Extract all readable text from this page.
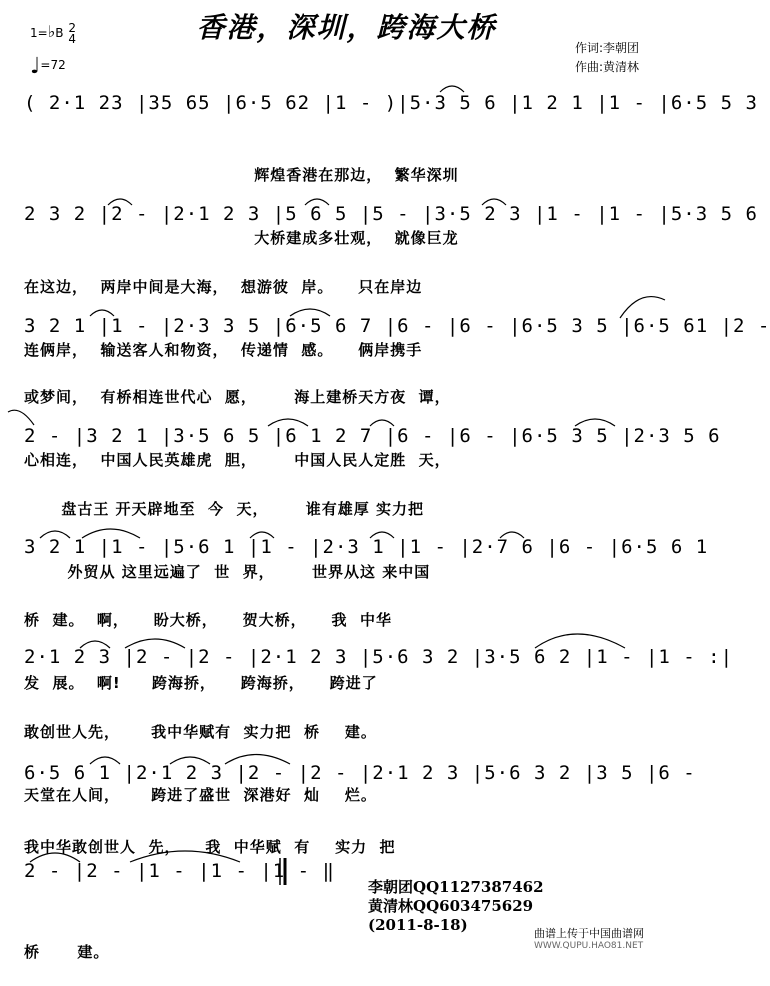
香港，深圳，跨海大桥
1=♭B 2
4
♩=72
作词:李朝团
作曲:黄清林
( 2·1 23 |35 65 |6·5 62 |1 - )|5·3 5 6 |1 2 1 |1 - |6·5 5 3

辉煌香港在那边，  繁华深圳

大桥建成多壮观，  就像巨龙

2 3 2 |2 - |2·1 2 3 |5 6 5 |5 - |3·5 2 3 |1 - |1 - |5·3 5 6

在这边，  两岸中间是大海，  想游彼  岸。    只在岸边

连俩岸，  输送客人和物资，  传递情  感。    俩岸携手

3 2 1 |1 - |2·3 3 5 |6·5 6 7 |6 - |6 - |6·5 3 5 |6·5 61 |2 -

或梦间，  有桥相连世代心  愿，      海上建桥天方夜  谭，

心相连，  中国人民英雄虎  胆，      中国人民人定胜  天，

2 - |3 2 1 |3·5 6 5 |6 1 2 7 |6 - |6 - |6·5 3 5 |2·3 5 6

盘古王 开天辟地至  今  天，      谁有雄厚 实力把

外贸从 这里远遍了  世  界，      世界从这 来中国

3 2 1 |1 - |5·6 1 |1 - |2·3 1 |1 - |2·7 6 |6 - |6·5 6 1

桥  建。  啊，    盼大桥，    贺大桥，    我  中华

发  展。  啊!     跨海挢，    跨海挢，    跨进了

2·1 2 3 |2 - |2 - |2·1 2 3 |5·6 3 2 |3·5 6 2 |1 - |1 - :|

敢创世人先，     我中华赋有  实力把  桥    建。

天堂在人间，     跨进了盛世  深港好  灿    烂。

6·5 6 1 |2·1 2 3 |2 - |2 - |2·1 2 3 |5·6 3 2 |3 5 |6 -

我中华敢创世人  先，    我  中华赋  有    实力  把

2 - |2 - |1 - |1 - |1 - ‖

桥      建。

李朝团QQ1127387462
黄清林QQ603475629
(2011-8-18)	曲谱上传于中国曲谱网
WWW.QUPU.HAO81.NET
